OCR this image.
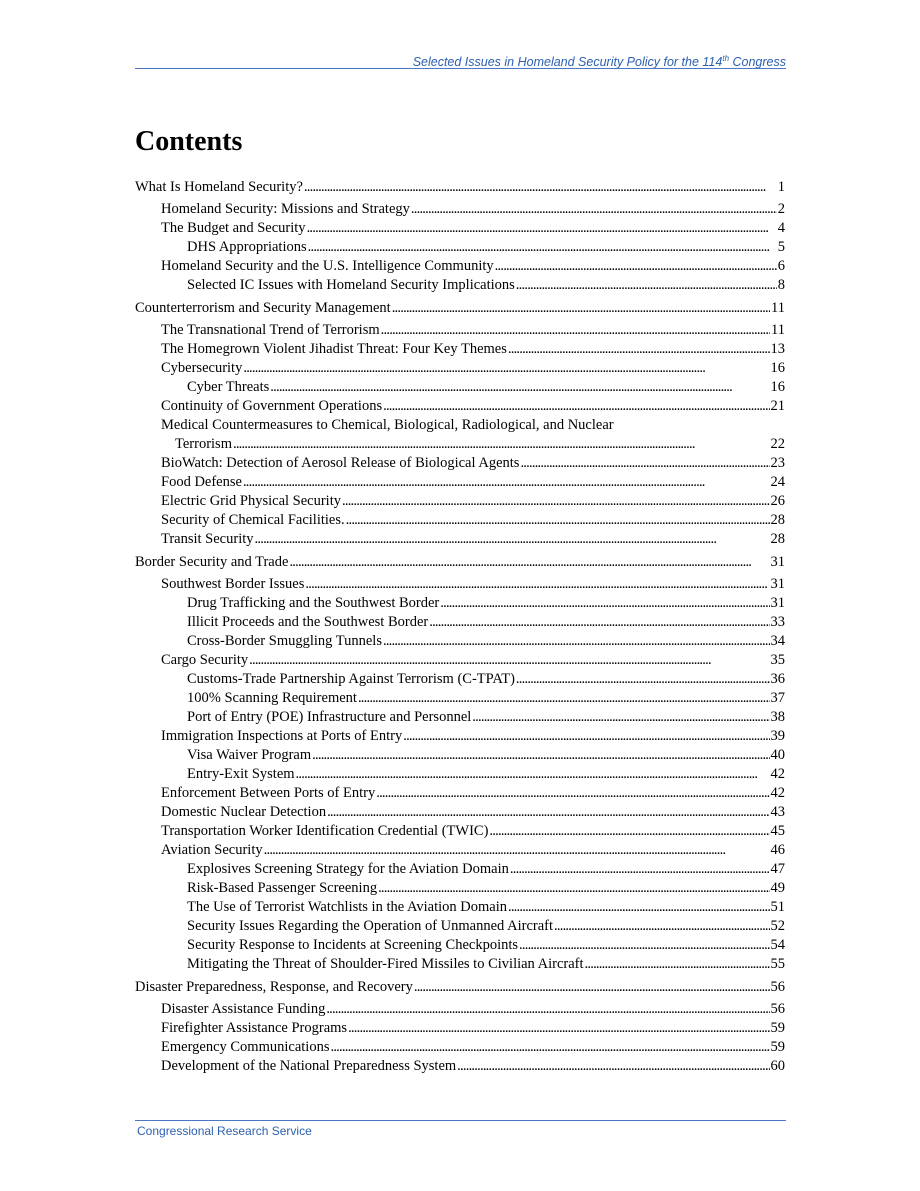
Selected Issues in Homeland Security Policy for the 114th Congress
Contents
What Is Homeland Security? . . .	1
Homeland Security: Missions and Strategy . . .	2
The Budget and Security . . .	4
DHS Appropriations . . .	5
Homeland Security and the U.S. Intelligence Community . . .	6
Selected IC Issues with Homeland Security Implications . . .	8
Counterterrorism and Security Management . . .	11
The Transnational Trend of Terrorism . . .	11
The Homegrown Violent Jihadist Threat: Four Key Themes . . .	13
Cybersecurity . . .	16
Cyber Threats . . .	16
Continuity of Government Operations . . .	21
Medical Countermeasures to Chemical, Biological, Radiological, and Nuclear
Terrorism . . .	22
BioWatch: Detection of Aerosol Release of Biological Agents . . .	23
Food Defense . . .	24
Electric Grid Physical Security . . .	26
Security of Chemical Facilities. . . .	28
Transit Security . . .	28
Border Security and Trade . . .	31
Southwest Border Issues . . .	31
Drug Trafficking and the Southwest Border . . .	31
Illicit Proceeds and the Southwest Border . . .	33
Cross-Border Smuggling Tunnels . . .	34
Cargo Security . . .	35
Customs-Trade Partnership Against Terrorism (C-TPAT) . . .	36
100% Scanning Requirement . . .	37
Port of Entry (POE) Infrastructure and Personnel . . .	38
Immigration Inspections at Ports of Entry . . .	39
Visa Waiver Program . . .	40
Entry-Exit System . . .	42
Enforcement Between Ports of Entry . . .	42
Domestic Nuclear Detection . . .	43
Transportation Worker Identification Credential (TWIC) . . .	45
Aviation Security . . .	46
Explosives Screening Strategy for the Aviation Domain . . .	47
Risk-Based Passenger Screening . . .	49
The Use of Terrorist Watchlists in the Aviation Domain . . .	51
Security Issues Regarding the Operation of Unmanned Aircraft . . .	52
Security Response to Incidents at Screening Checkpoints . . .	54
Mitigating the Threat of Shoulder-Fired Missiles to Civilian Aircraft . . .	55
Disaster Preparedness, Response, and Recovery . . .	56
Disaster Assistance Funding . . .	56
Firefighter Assistance Programs . . .	59
Emergency Communications . . .	59
Development of the National Preparedness System . . .	60
Congressional Research Service
